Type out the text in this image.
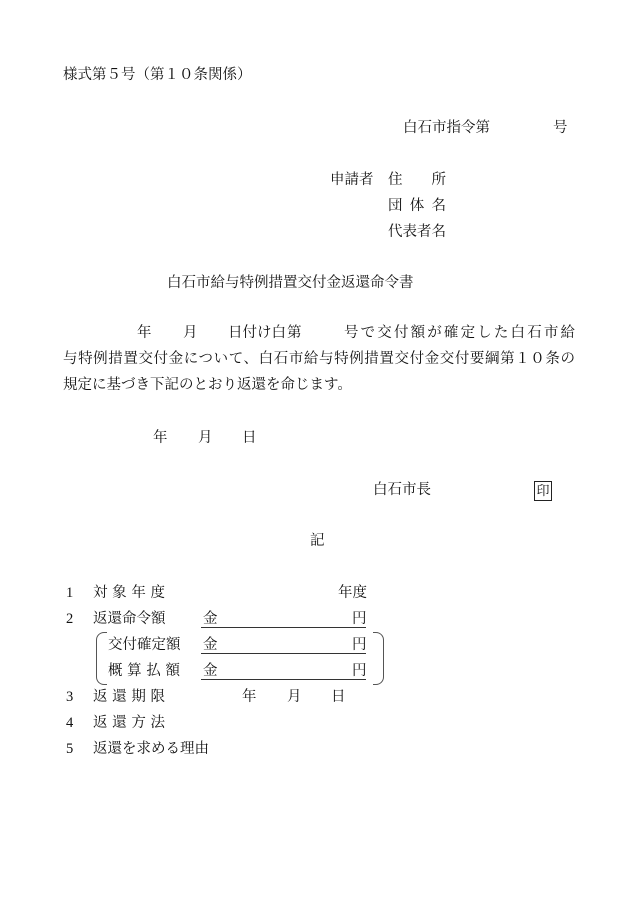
様式第５号（第１０条関係）
白石市指令第	号
申請者 住　　所
団 体 名
代表者名
白石市給与特例措置交付金返還命令書
年 月 日付け白 第	号で交付額が確定した白石市給
与特例措置交付金について、白石市給与特例措置交付金交付要綱第１０条の
規定に基づき下記のとおり返還を命じます。
年 月 日
白石市長	印
記
1 対 象 年 度	年度
2 返還命令額	金	円
交付確定額 金	円
概 算 払 額 金	円
3 返 還 期 限	年 月 日
4 返 還 方 法
5 返還を求める理由
